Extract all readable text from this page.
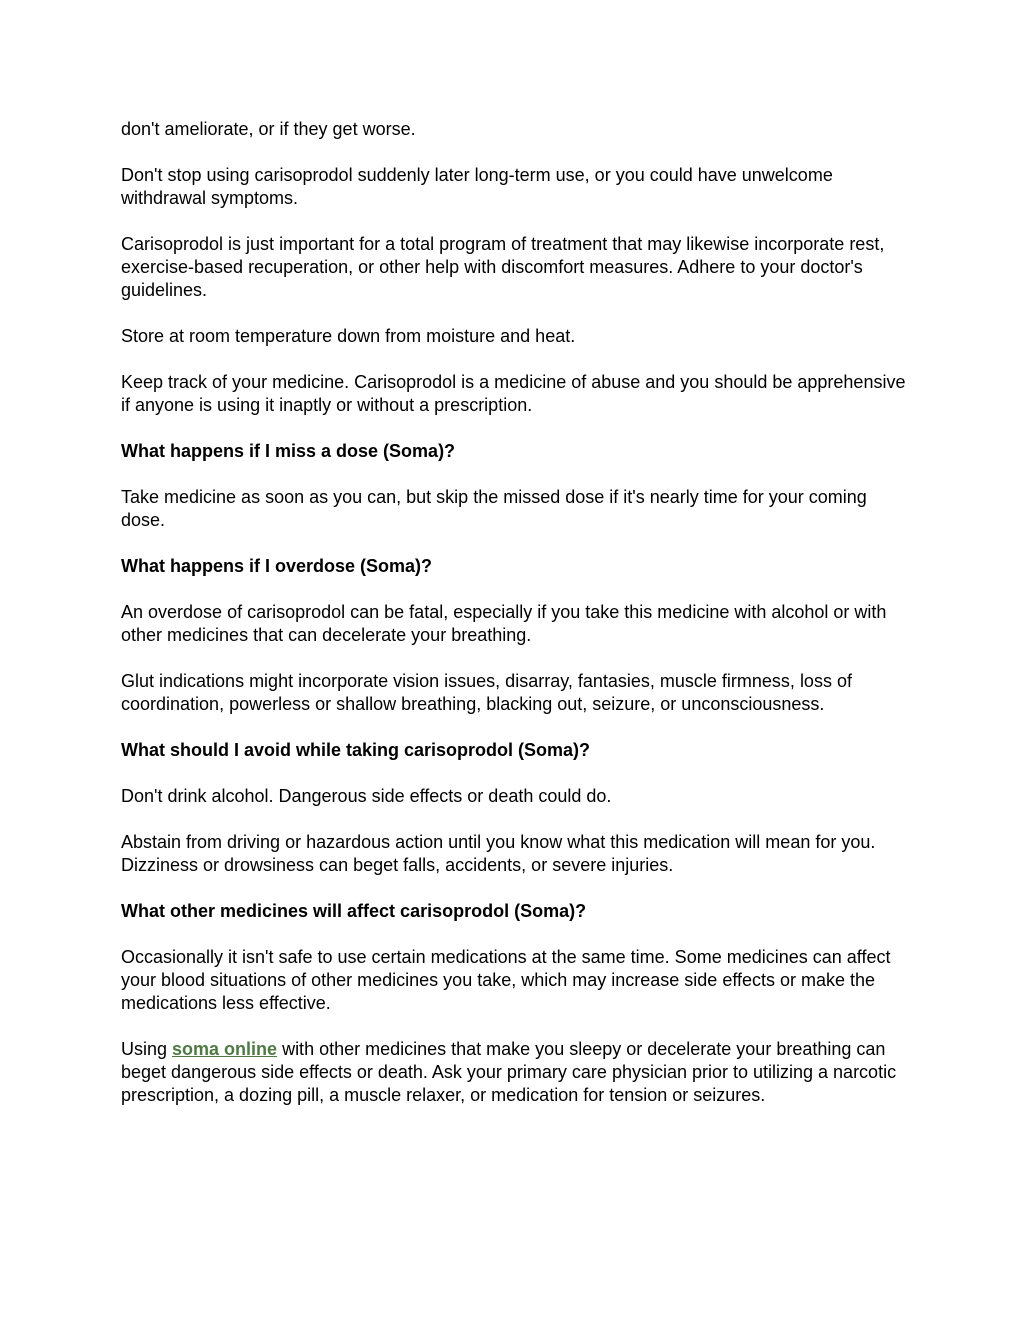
don't ameliorate, or if they get worse.

Don't stop using carisoprodol suddenly later long-term use, or you could have unwelcome withdrawal symptoms.

Carisoprodol is just important for a total program of treatment that may likewise incorporate rest, exercise-based recuperation, or other help with discomfort measures. Adhere to your doctor's guidelines.

Store at room temperature down from moisture and heat.

Keep track of your medicine. Carisoprodol is a medicine of abuse and you should be apprehensive if anyone is using it inaptly or without a prescription.

What happens if I miss a dose (Soma)?

Take medicine as soon as you can, but skip the missed dose if it's nearly time for your coming dose.

What happens if I overdose (Soma)?

An overdose of carisoprodol can be fatal, especially if you take this medicine with alcohol or with other medicines that can decelerate your breathing.

Glut indications might incorporate vision issues, disarray, fantasies, muscle firmness, loss of coordination, powerless or shallow breathing, blacking out, seizure, or unconsciousness.

What should I avoid while taking carisoprodol (Soma)?

Don't drink alcohol. Dangerous side effects or death could do.

Abstain from driving or hazardous action until you know what this medication will mean for you. Dizziness or drowsiness can beget falls, accidents, or severe injuries.

What other medicines will affect carisoprodol (Soma)?

Occasionally it isn't safe to use certain medications at the same time. Some medicines can affect your blood situations of other medicines you take, which may increase side effects or make the medications less effective.

Using soma online with other medicines that make you sleepy or decelerate your breathing can beget dangerous side effects or death. Ask your primary care physician prior to utilizing a narcotic prescription, a dozing pill, a muscle relaxer, or medication for tension or seizures.
